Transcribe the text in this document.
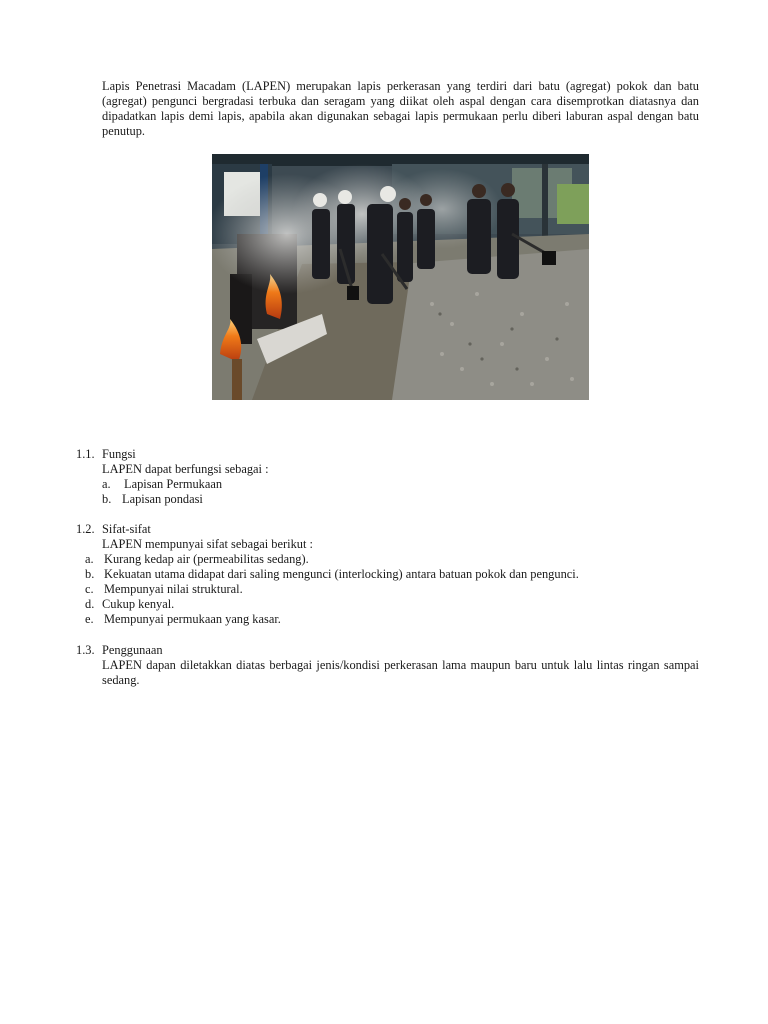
Lapis Penetrasi Macadam (LAPEN) merupakan lapis perkerasan yang terdiri dari batu (agregat) pokok dan batu (agregat) pengunci bergradasi terbuka dan seragam yang diikat oleh aspal dengan cara disemprotkan diatasnya dan dipadatkan lapis demi lapis, apabila akan digunakan sebagai lapis permukaan perlu diberi laburan aspal dengan batu penutup.

1.1. Fungsi
LAPEN dapat berfungsi sebagai :
a. Lapisan Permukaan
b. Lapisan pondasi
1.2. Sifat-sifat
LAPEN mempunyai sifat sebagai berikut :
a. Kurang kedap air (permeabilitas sedang).
b. Kekuatan utama didapat dari saling mengunci (interlocking) antara batuan pokok dan pengunci.
c. Mempunyai nilai struktural.
d. Cukup kenyal.
e. Mempunyai permukaan yang kasar.
1.3. Penggunaan

LAPEN dapan diletakkan diatas berbagai jenis/kondisi perkerasan lama maupun baru untuk lalu lintas ringan sampai sedang.
